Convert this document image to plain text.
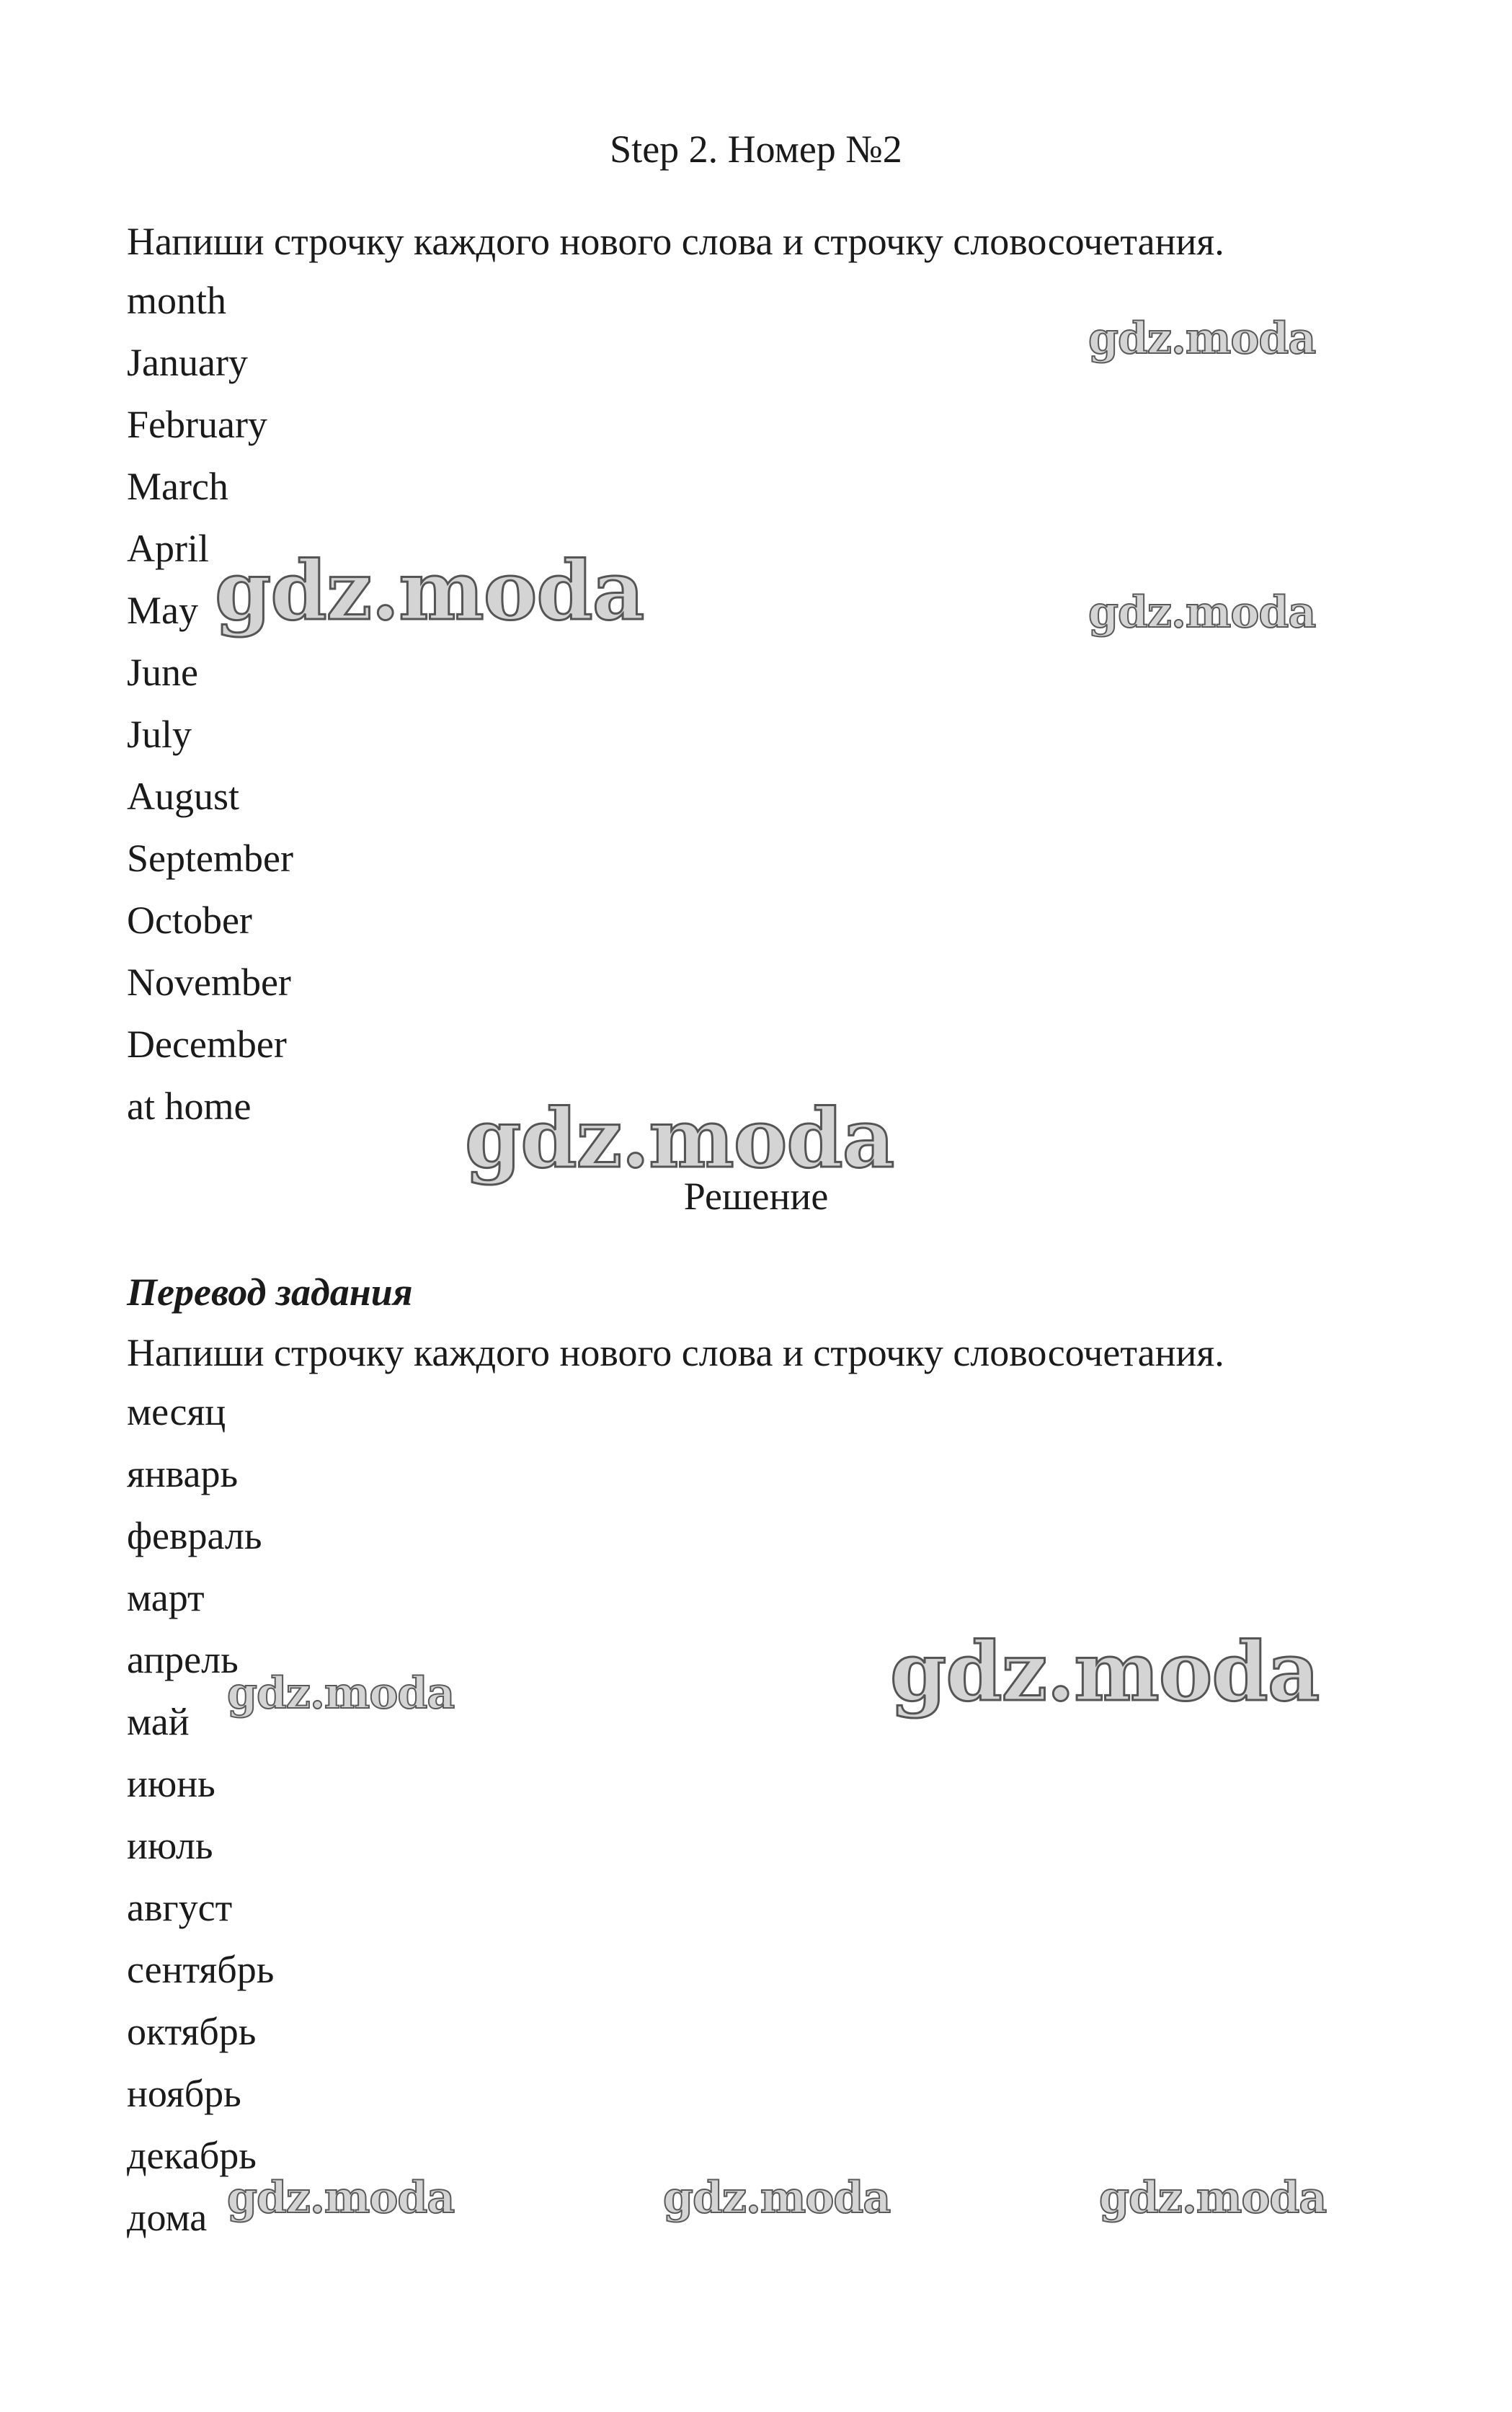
Step 2. Номер №2
Напиши строчку каждого нового слова и строчку словосочетания.
month
January
February
March
April
May
June
July
August
September
October
November
December
at home
Решение
Перевод задания
Напиши строчку каждого нового слова и строчку словосочетания.
месяц
январь
февраль
март
апрель
май
июнь
июль
август
сентябрь
октябрь
ноябрь
декабрь
дома
gdz.moda
gdz.moda	gdz.moda
gdz.moda
gdz.moda
gdz.moda
gdz.moda	gdz.moda	gdz.moda
